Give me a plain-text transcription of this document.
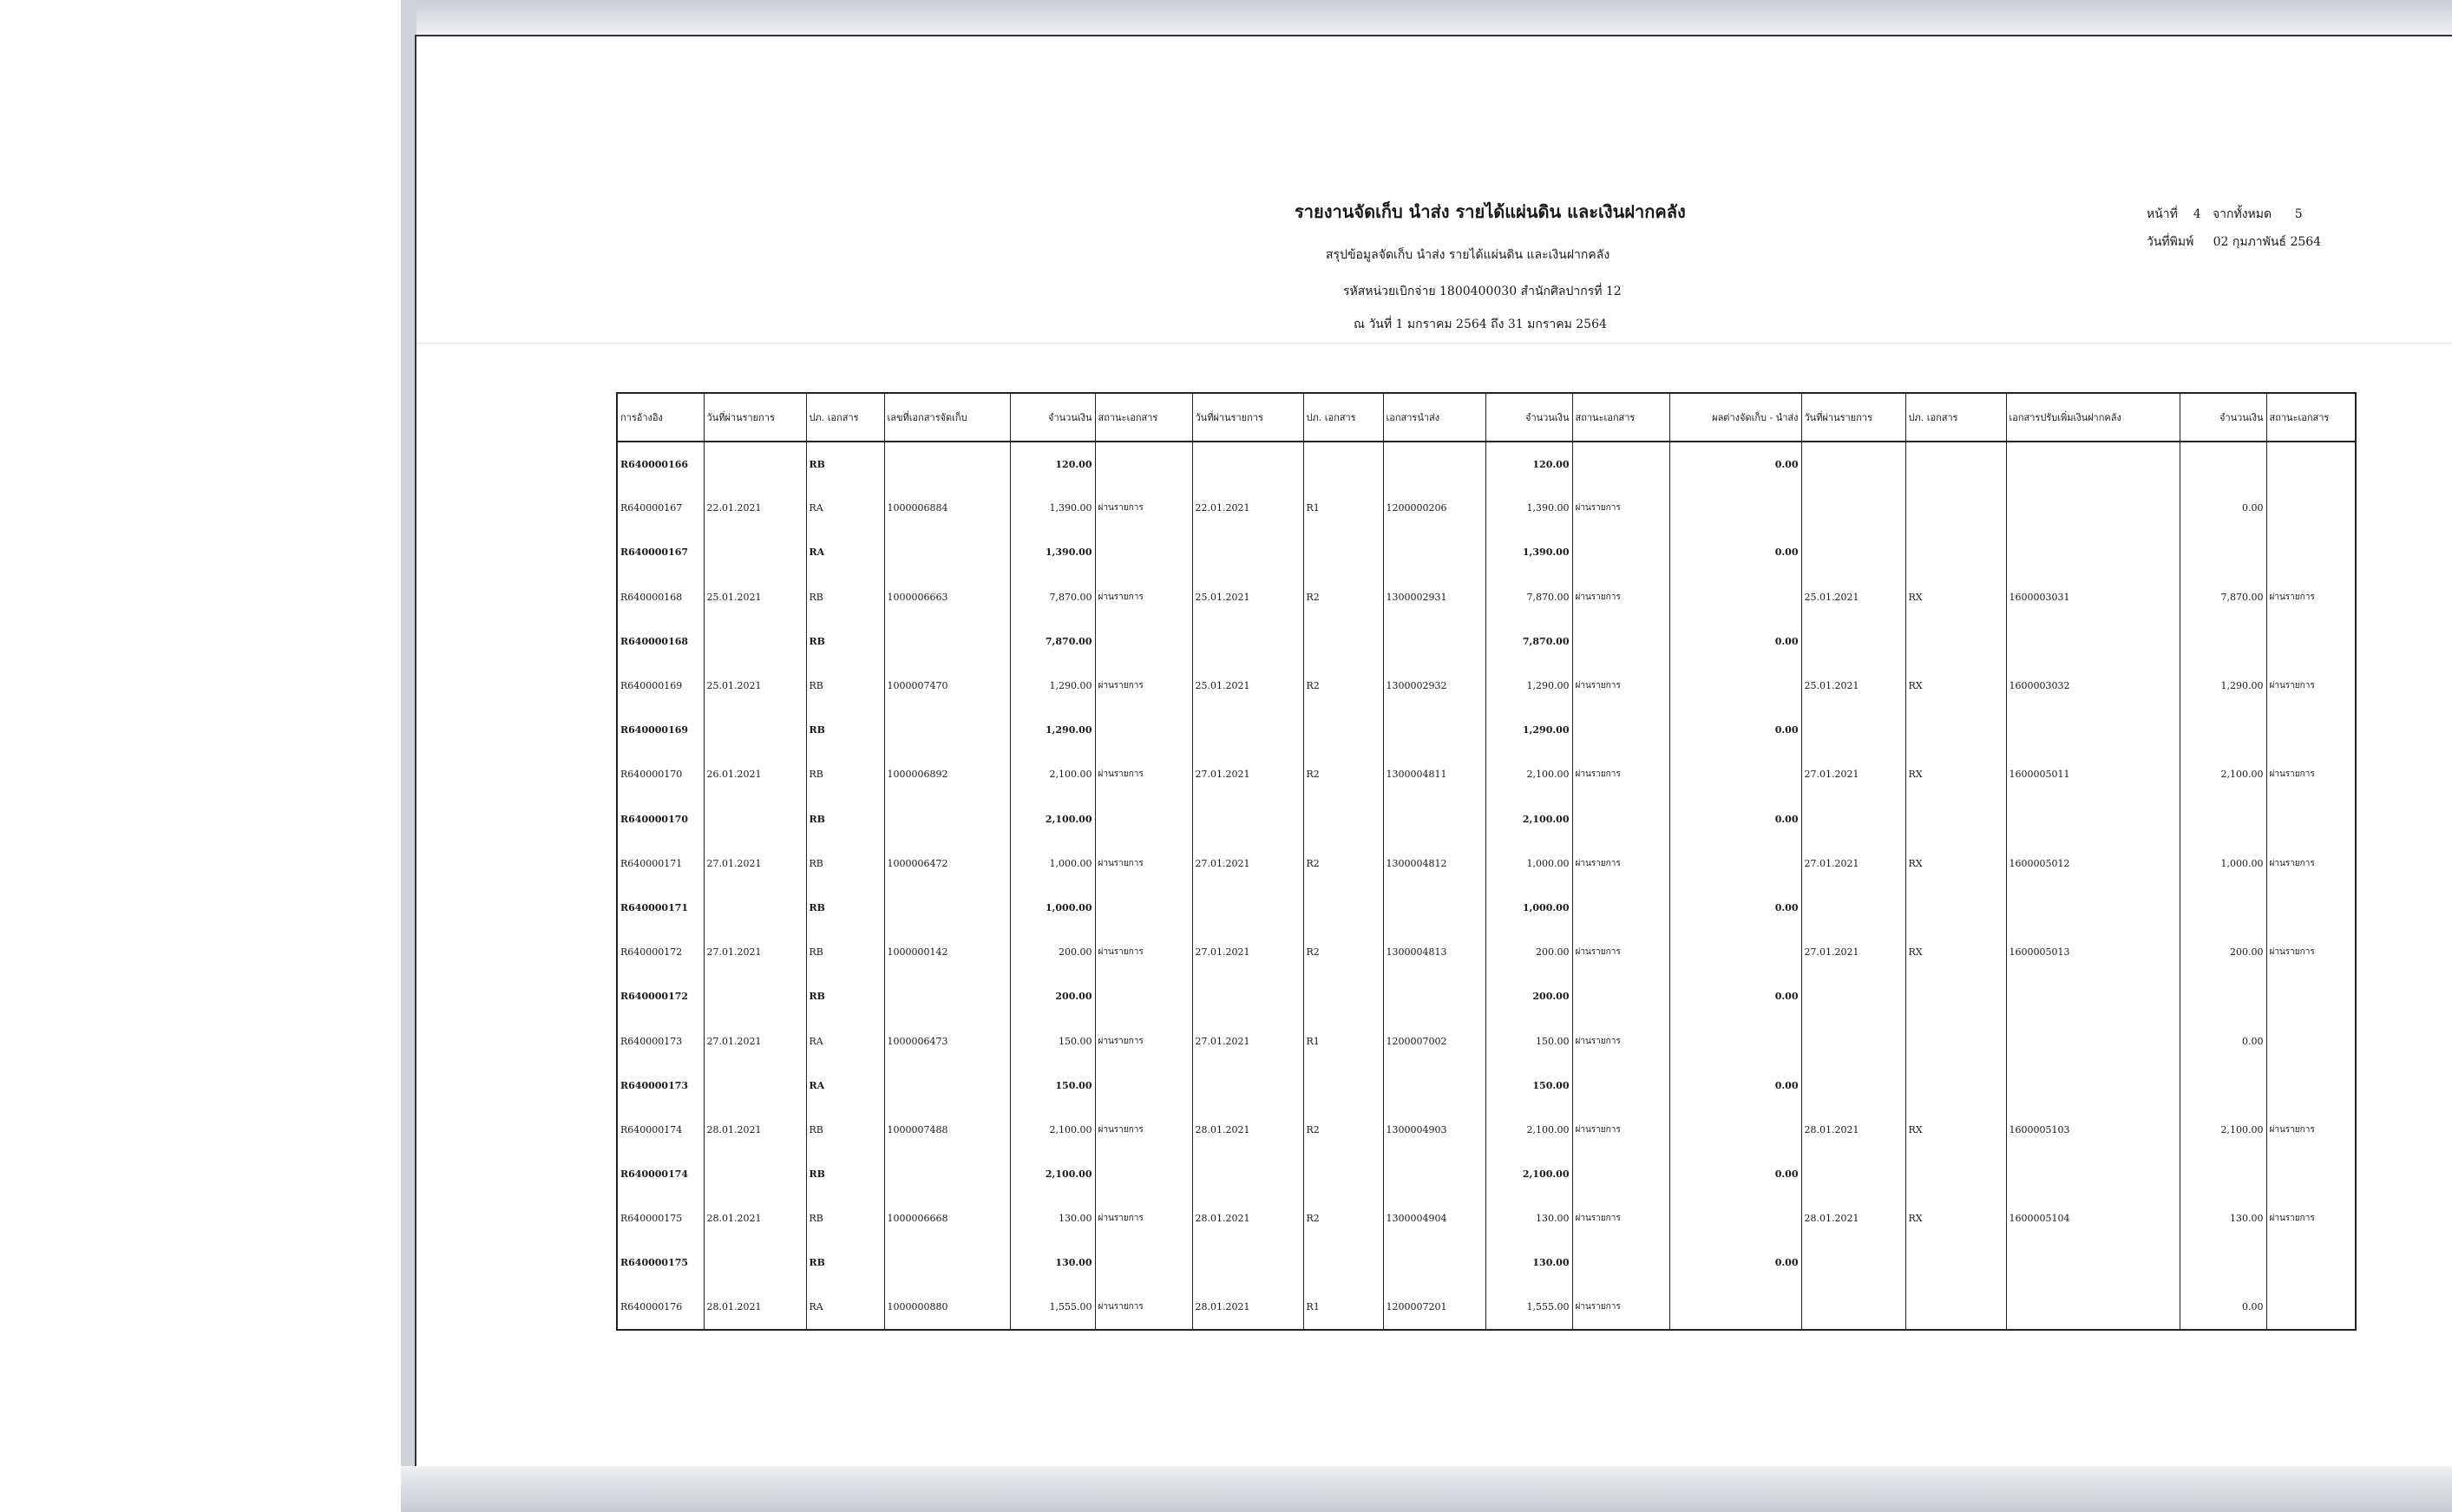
รายงานจัดเก็บ นำส่ง รายได้แผ่นดิน และเงินฝากคลัง
สรุปข้อมูลจัดเก็บ นำส่ง รายได้แผ่นดิน และเงินฝากคลัง
รหัสหน่วยเบิกจ่าย 1800400030 สำนักศิลปากรที่ 12
ณ วันที่ 1 มกราคม 2564 ถึง 31 มกราคม 2564
หน้าที่    4   จากทั้งหมด      5
วันที่พิมพ์     02 กุมภาพันธ์ 2564
การอ้างอิง	วันที่ผ่านรายการ	ปภ. เอกสาร	เลขที่เอกสารจัดเก็บ	จำนวนเงิน	สถานะเอกสาร	วันที่ผ่านรายการ	ปภ. เอกสาร	เอกสารนำส่ง	จำนวนเงิน	สถานะเอกสาร	ผลต่างจัดเก็บ - นำส่ง	วันที่ผ่านรายการ	ปภ. เอกสาร	เอกสารปรับเพิ่มเงินฝากคลัง	จำนวนเงิน	สถานะเอกสาร
R640000166		RB		120.00					120.00		0.00					
R640000167	22.01.2021	RA	1000006884	1,390.00	ผ่านรายการ	22.01.2021	R1	1200000206	1,390.00	ผ่านรายการ					0.00	
R640000167		RA		1,390.00					1,390.00		0.00					
R640000168	25.01.2021	RB	1000006663	7,870.00	ผ่านรายการ	25.01.2021	R2	1300002931	7,870.00	ผ่านรายการ		25.01.2021	RX	1600003031	7,870.00	ผ่านรายการ
R640000168		RB		7,870.00					7,870.00		0.00					
R640000169	25.01.2021	RB	1000007470	1,290.00	ผ่านรายการ	25.01.2021	R2	1300002932	1,290.00	ผ่านรายการ		25.01.2021	RX	1600003032	1,290.00	ผ่านรายการ
R640000169		RB		1,290.00					1,290.00		0.00					
R640000170	26.01.2021	RB	1000006892	2,100.00	ผ่านรายการ	27.01.2021	R2	1300004811	2,100.00	ผ่านรายการ		27.01.2021	RX	1600005011	2,100.00	ผ่านรายการ
R640000170		RB		2,100.00					2,100.00		0.00					
R640000171	27.01.2021	RB	1000006472	1,000.00	ผ่านรายการ	27.01.2021	R2	1300004812	1,000.00	ผ่านรายการ		27.01.2021	RX	1600005012	1,000.00	ผ่านรายการ
R640000171		RB		1,000.00					1,000.00		0.00					
R640000172	27.01.2021	RB	1000000142	200.00	ผ่านรายการ	27.01.2021	R2	1300004813	200.00	ผ่านรายการ		27.01.2021	RX	1600005013	200.00	ผ่านรายการ
R640000172		RB		200.00					200.00		0.00					
R640000173	27.01.2021	RA	1000006473	150.00	ผ่านรายการ	27.01.2021	R1	1200007002	150.00	ผ่านรายการ					0.00	
R640000173		RA		150.00					150.00		0.00					
R640000174	28.01.2021	RB	1000007488	2,100.00	ผ่านรายการ	28.01.2021	R2	1300004903	2,100.00	ผ่านรายการ		28.01.2021	RX	1600005103	2,100.00	ผ่านรายการ
R640000174		RB		2,100.00					2,100.00		0.00					
R640000175	28.01.2021	RB	1000006668	130.00	ผ่านรายการ	28.01.2021	R2	1300004904	130.00	ผ่านรายการ		28.01.2021	RX	1600005104	130.00	ผ่านรายการ
R640000175		RB		130.00					130.00		0.00					
R640000176	28.01.2021	RA	1000000880	1,555.00	ผ่านรายการ	28.01.2021	R1	1200007201	1,555.00	ผ่านรายการ					0.00	
